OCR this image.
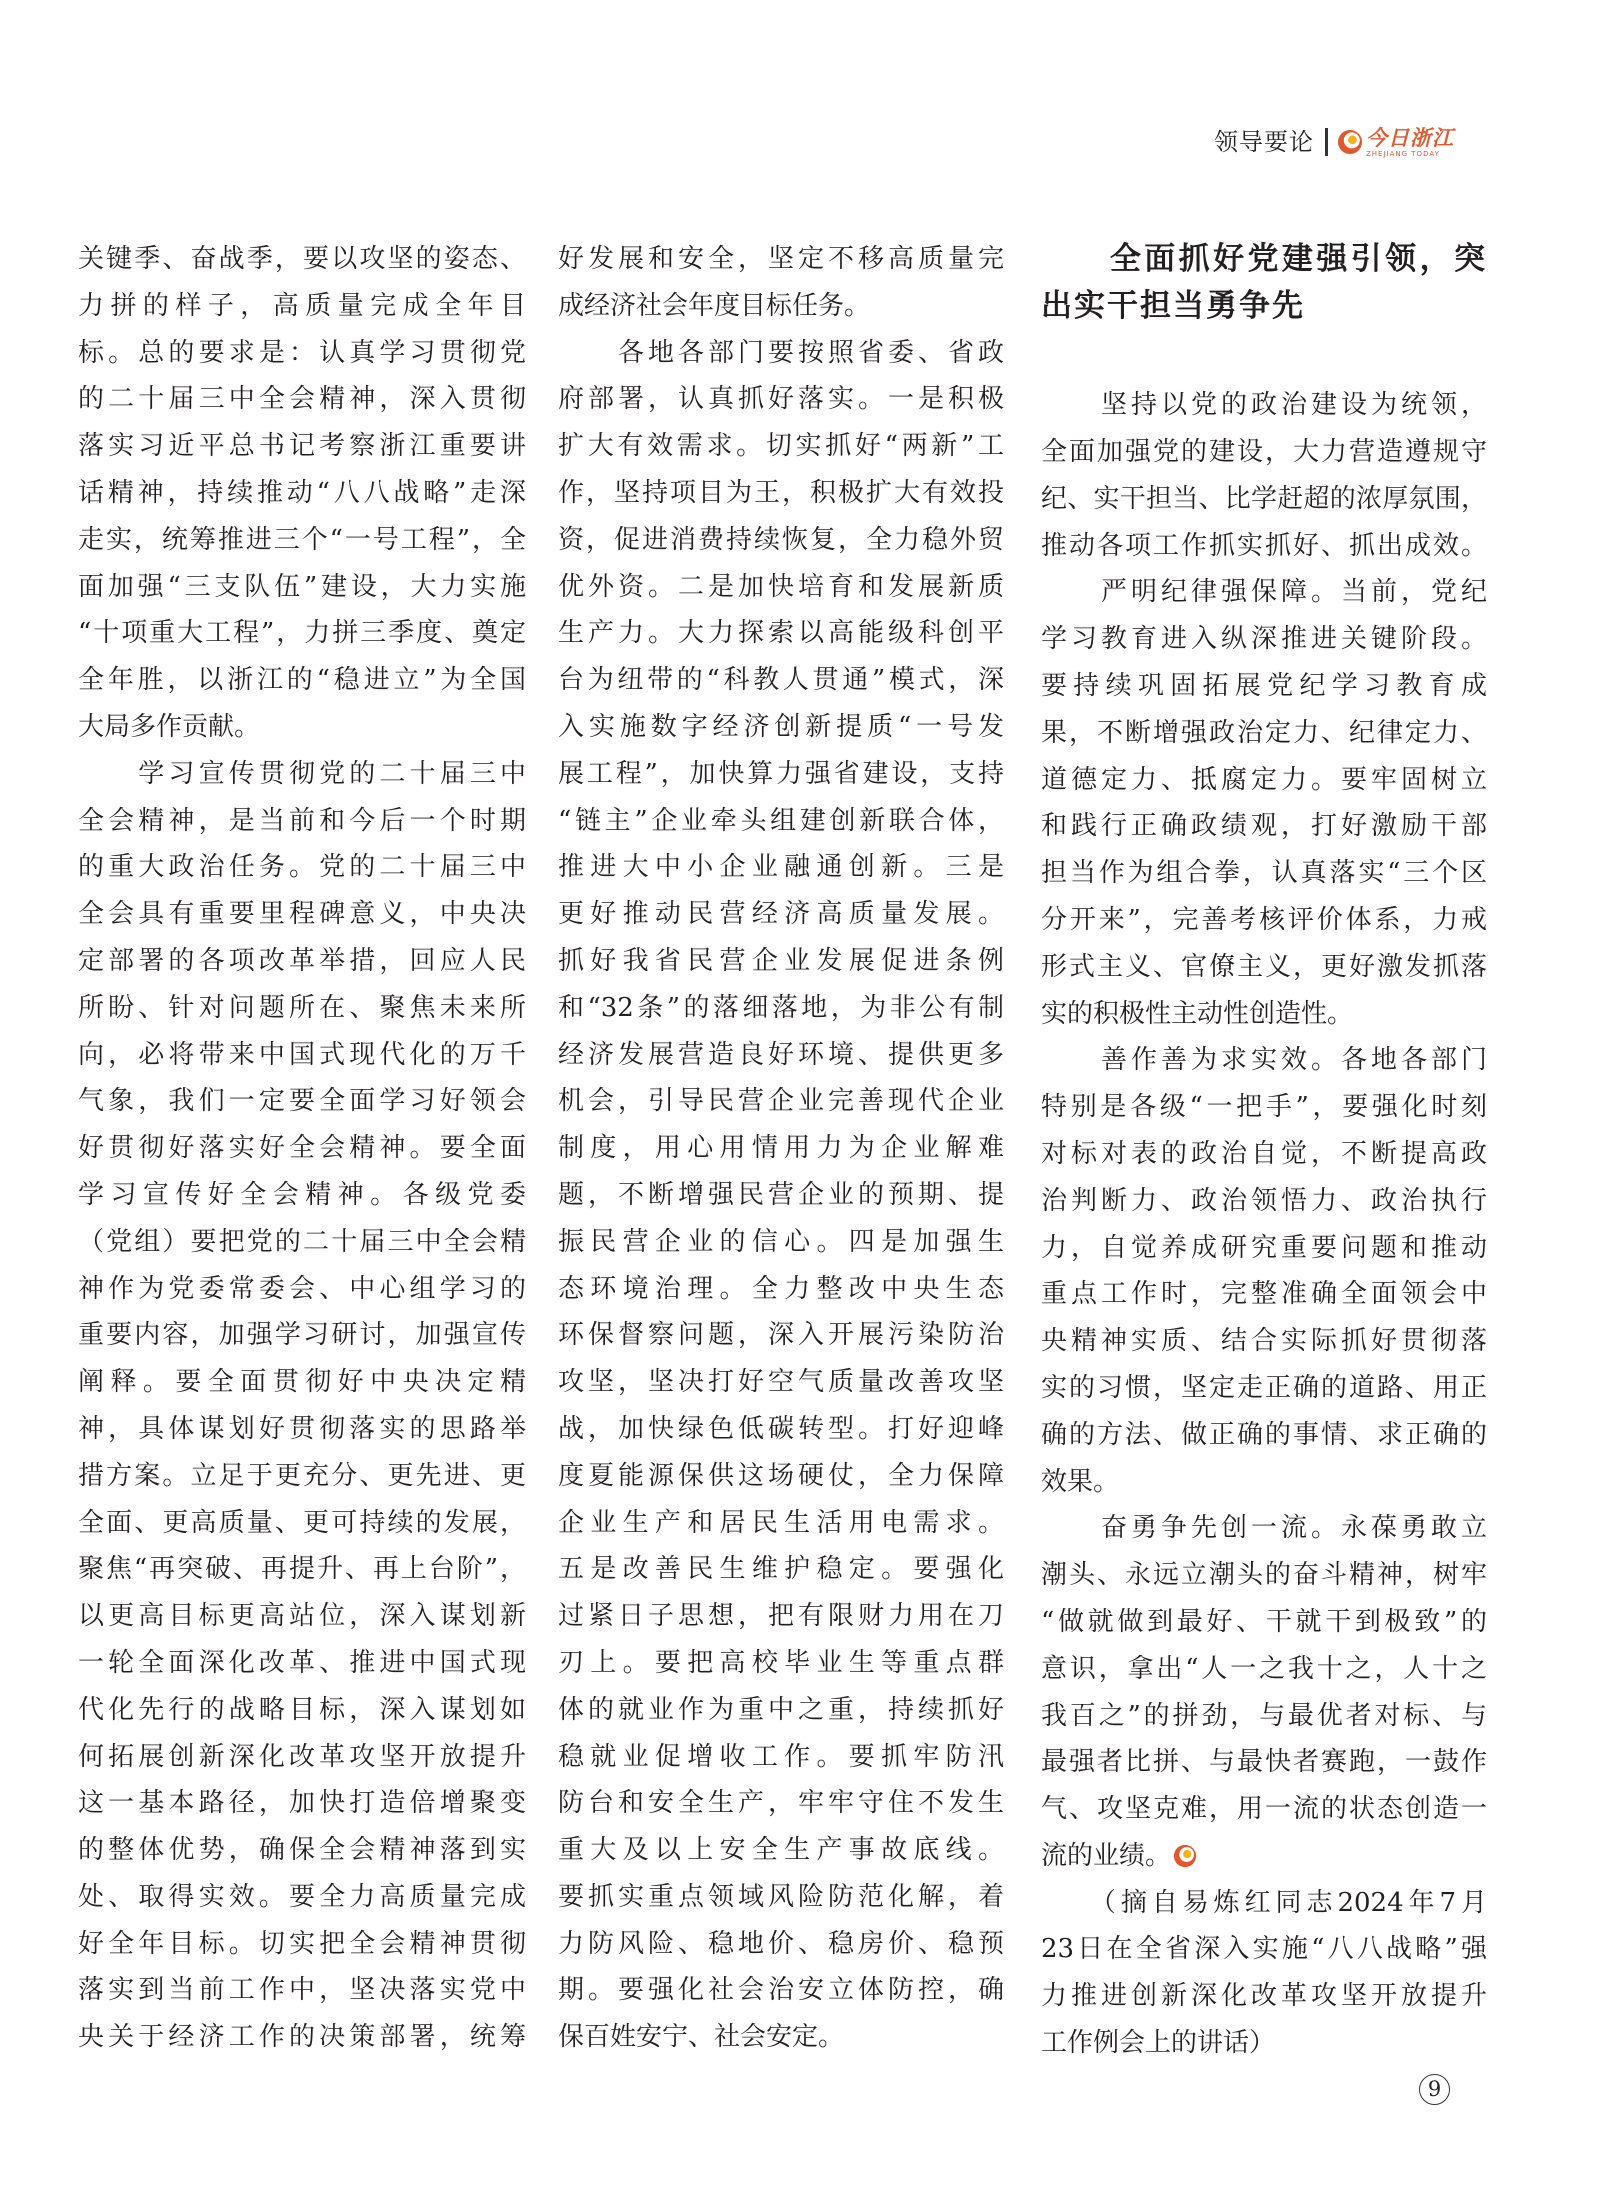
领导要论 今日浙江
ZHEJIANG TODAY
关键季、奋战季，要以攻坚的姿态、
力拼的样子，高质量完成全年目
标。总的要求是：认真学习贯彻党
的二十届三中全会精神，深入贯彻
落实习近平总书记考察浙江重要讲
话精神，持续推动“八八战略”走深
走实，统筹推进三个“一号工程”，全
面加强“三支队伍”建设，大力实施
“十项重大工程”，力拼三季度、奠定
全年胜，以浙江的“稳进立”为全国
大局多作贡献。
　　学习宣传贯彻党的二十届三中
全会精神，是当前和今后一个时期
的重大政治任务。党的二十届三中
全会具有重要里程碑意义，中央决
定部署的各项改革举措，回应人民
所盼、针对问题所在、聚焦未来所
向，必将带来中国式现代化的万千
气象，我们一定要全面学习好领会
好贯彻好落实好全会精神。要全面
学习宣传好全会精神。各级党委
（党组）要把党的二十届三中全会精
神作为党委常委会、中心组学习的
重要内容，加强学习研讨，加强宣传
阐释。要全面贯彻好中央决定精
神，具体谋划好贯彻落实的思路举
措方案。立足于更充分、更先进、更
全面、更高质量、更可持续的发展，
聚焦“再突破、再提升、再上台阶”，
以更高目标更高站位，深入谋划新
一轮全面深化改革、推进中国式现
代化先行的战略目标，深入谋划如
何拓展创新深化改革攻坚开放提升
这一基本路径，加快打造倍增聚变
的整体优势，确保全会精神落到实
处、取得实效。要全力高质量完成
好全年目标。切实把全会精神贯彻
落实到当前工作中，坚决落实党中
央关于经济工作的决策部署，统筹
好发展和安全，坚定不移高质量完
成经济社会年度目标任务。
　　各地各部门要按照省委、省政
府部署，认真抓好落实。一是积极
扩大有效需求。切实抓好“两新”工
作，坚持项目为王，积极扩大有效投
资，促进消费持续恢复，全力稳外贸
优外资。二是加快培育和发展新质
生产力。大力探索以高能级科创平
台为纽带的“科教人贯通”模式，深
入实施数字经济创新提质“一号发
展工程”，加快算力强省建设，支持
“链主”企业牵头组建创新联合体，
推进大中小企业融通创新。三是
更好推动民营经济高质量发展。
抓好我省民营企业发展促进条例
和“32条”的落细落地，为非公有制
经济发展营造良好环境、提供更多
机会，引导民营企业完善现代企业
制度，用心用情用力为企业解难
题，不断增强民营企业的预期、提
振民营企业的信心。四是加强生
态环境治理。全力整改中央生态
环保督察问题，深入开展污染防治
攻坚，坚决打好空气质量改善攻坚
战，加快绿色低碳转型。打好迎峰
度夏能源保供这场硬仗，全力保障
企业生产和居民生活用电需求。
五是改善民生维护稳定。要强化
过紧日子思想，把有限财力用在刀
刃上。要把高校毕业生等重点群
体的就业作为重中之重，持续抓好
稳就业促增收工作。要抓牢防汛
防台和安全生产，牢牢守住不发生
重大及以上安全生产事故底线。
要抓实重点领域风险防范化解，着
力防风险、稳地价、稳房价、稳预
期。要强化社会治安立体防控，确
保百姓安宁、社会安定。
　　全面抓好党建强引领，突
出实干担当勇争先
　　坚持以党的政治建设为统领，
全面加强党的建设，大力营造遵规守
纪、实干担当、比学赶超的浓厚氛围，
推动各项工作抓实抓好、抓出成效。
　　严明纪律强保障。当前，党纪
学习教育进入纵深推进关键阶段。
要持续巩固拓展党纪学习教育成
果，不断增强政治定力、纪律定力、
道德定力、抵腐定力。要牢固树立
和践行正确政绩观，打好激励干部
担当作为组合拳，认真落实“三个区
分开来”，完善考核评价体系，力戒
形式主义、官僚主义，更好激发抓落
实的积极性主动性创造性。
　　善作善为求实效。各地各部门
特别是各级“一把手”，要强化时刻
对标对表的政治自觉，不断提高政
治判断力、政治领悟力、政治执行
力，自觉养成研究重要问题和推动
重点工作时，完整准确全面领会中
央精神实质、结合实际抓好贯彻落
实的习惯，坚定走正确的道路、用正
确的方法、做正确的事情、求正确的
效果。
　　奋勇争先创一流。永葆勇敢立
潮头、永远立潮头的奋斗精神，树牢
“做就做到最好、干就干到极致”的
意识，拿出“人一之我十之，人十之
我百之”的拼劲，与最优者对标、与
最强者比拼、与最快者赛跑，一鼓作
气、攻坚克难，用一流的状态创造一
流的业绩。
　　（摘自易炼红同志2024年7月
23日在全省深入实施“八八战略”强
力推进创新深化改革攻坚开放提升
工作例会上的讲话）
9
